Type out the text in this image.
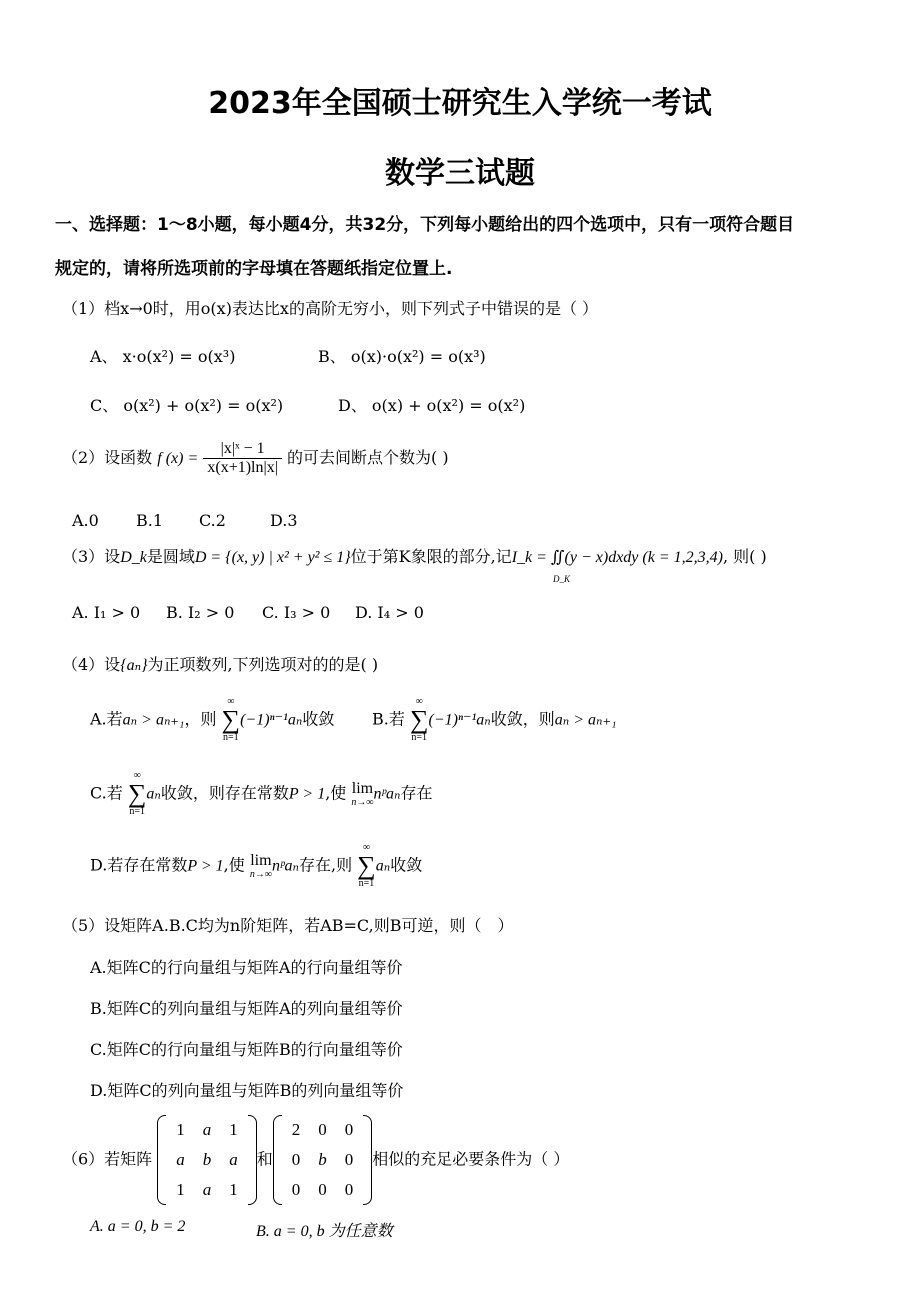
2023年全国硕士研究生入学统一考试
数学三试题
一、选择题：1～8小题，每小题4分，共32分，下列每小题给出的四个选项中，只有一项符合题目
规定的，请将所选项前的字母填在答题纸指定位置上.
（1）档x→0时，用o(x)表达比x的高阶无穷小，则下列式子中错误的是（ ）
A、 x·o(x²) = o(x³)	B、 o(x)·o(x²) = o(x³)
C、 o(x²) + o(x²) = o(x²)	D、 o(x) + o(x²) = o(x²)
（2）设函数 f $(x) = \frac{\text{|x|ˣ − 1}}{x(x+1)\ln|x|}$ 的可去间断点个数为( )
A.0 B.1 C.2	D.3
（3）设D_k是圆域D = {(x, y) | x² + y² ≤ 1}位于第K象限的部分,记I_k = ∬(y − x)dxdy (k = 1,2,3,4), 则( )
D_K
A. I₁ > 0 B. I₂ > 0 C. I₃ > 0 D. I₄ > 0
（4）设{aₙ}为正项数列,下列选项对的的是( )
A.若aₙ > aₙ₊₁，则
∞
∑
n=1
(−1)ⁿ⁻¹aₙ收敛 B.若
∞
∑
n=1
(−1)ⁿ⁻¹aₙ收敛，则aₙ > aₙ₊₁
C.若
∞
∑
n=1
aₙ收敛，则存在常数P > 1,使 lim
n→∞
nᵖaₙ存在
D.若存在常数P > 1,使 lim
n→∞
nᵖaₙ存在,则
∞
∑
n=1
aₙ收敛
（5）设矩阵A.B.C均为n阶矩阵，若AB=C,则B可逆，则（　）
A.矩阵C的行向量组与矩阵A的行向量组等价
B.矩阵C的列向量组与矩阵A的列向量组等价
C.矩阵C的行向量组与矩阵B的行向量组等价
D.矩阵C的列向量组与矩阵B的列向量组等价
（6）若矩阵
1	a	1
a	b	a
1	a	1
和
2	0	0
0	b	0
0	0	0
相似的充足必要条件为（ ）
A. a = 0, b = 2	B. a = 0, b 为任意数
